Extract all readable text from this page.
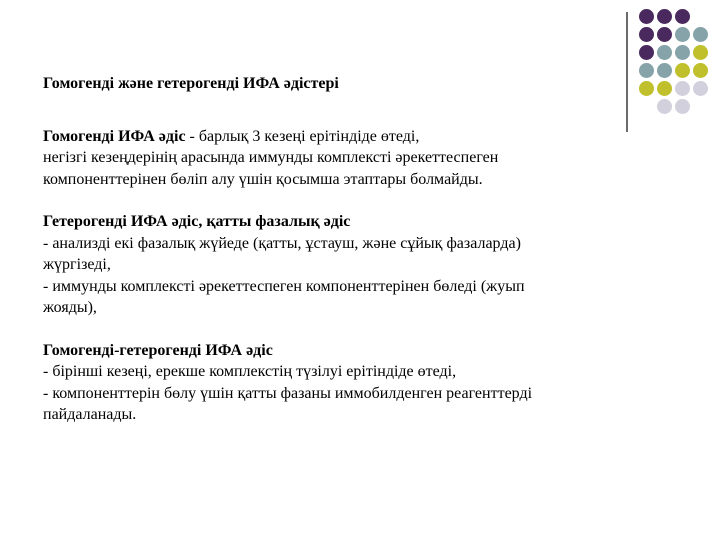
Гомогенді және гетерогенді ИФА әдістері

Гомогенді ИФА әдіс - барлық 3 кезеңі ерітіндіде өтеді,

негізгі кезеңдерінің арасында иммунды комплексті әрекеттеспеген

компоненттерінен бөліп алу үшін қосымша этаптары болмайды.

Гетерогенді ИФА әдіс, қатты фазалық әдіс

- анализді екі фазалық жүйеде (қатты, ұстауш, және сұйық фазаларда)

жүргізеді,

- иммунды комплексті әрекеттеспеген компоненттерінен бөледі (жуып

жояды),

Гомогенді-гетерогенді ИФА әдіс

- бірінші кезеңі, ерекше комплекстің түзілуі ерітіндіде өтеді,

- компоненттерін бөлу үшін қатты фазаны иммобилденген реагенттерді

пайдаланады.
